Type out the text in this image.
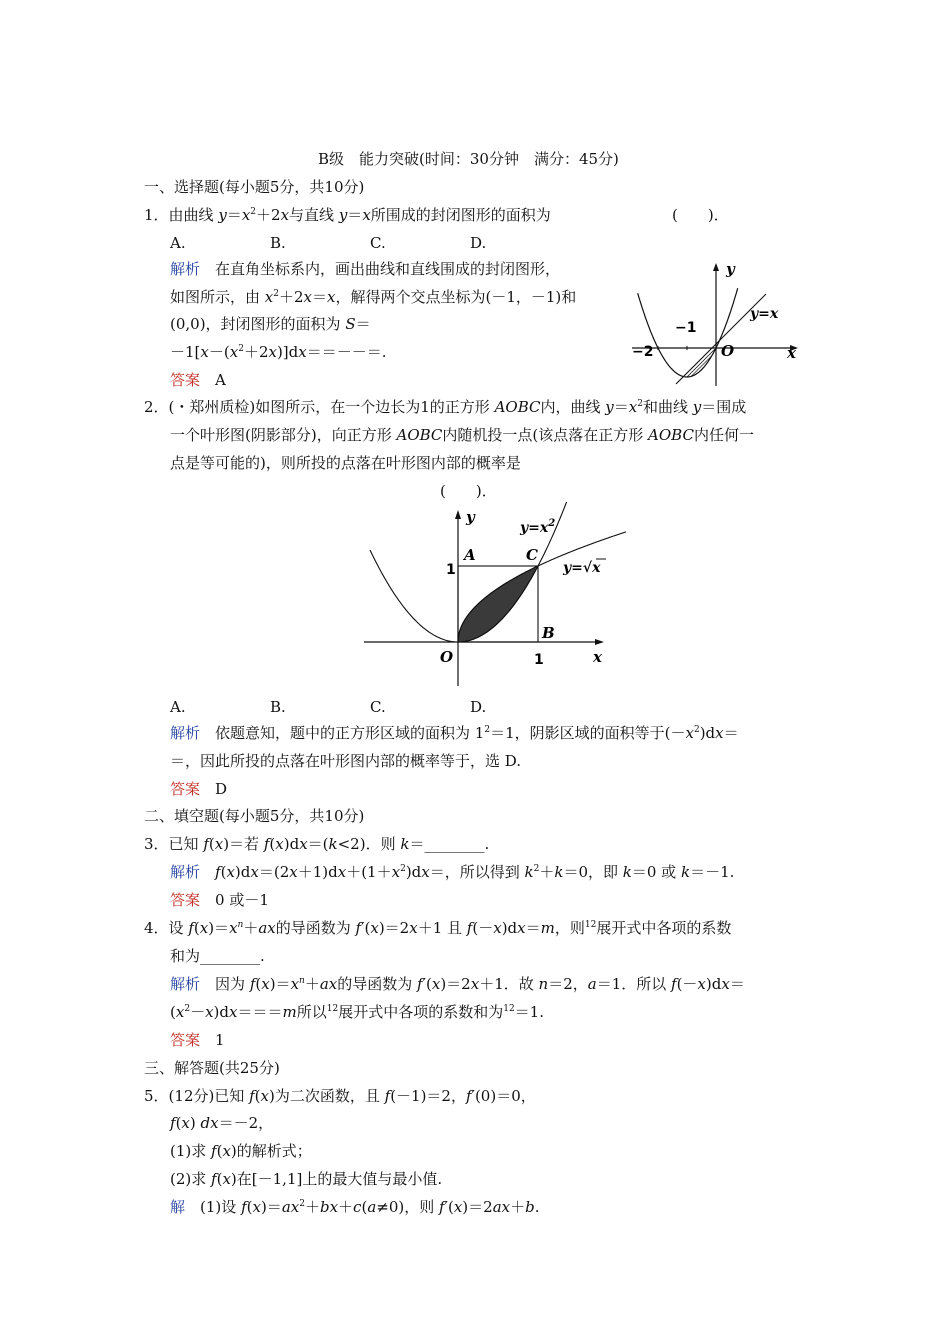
B级　能力突破(时间：30分钟　满分：45分)
一、选择题(每小题5分，共10分)
1．由曲线 $y=x^2+2x$与直线 y＝x所围成的封闭图形的面积为	(　　)．
A.	B.	C.	D.
解析　 在直角坐标系内，画出曲线和直线围成的封闭图形，
如图所示，由 $x^2+2x=x$，解得两个交点坐标为(－1，－1)和
(0,0)，封闭图形的面积为 S＝
$-1[x-(x^2+2x)]dx==--=$.
答案　 A
y
x
y=x
−1
−2	O
2．(・郑州质检)如图所示，在一个边长为1的正方形 AOBC内，曲线 $y=x^2$和曲线 y＝围成
一个叶形图(阴影部分)，向正方形 AOBC内随机投一点(该点落在正方形 AOBC内任何一
点是等可能的)，则所投的点落在叶形图内部的概率是
(　　)．
y
x
A	C
B
O
1
1
$y=x^2$
y=√x
A.	B.	C.	D.
解析　 依题意知，题中的正方形区域的面积为 $1^2=1$，阴影区域的面积等于$(-x^2)dx=$
＝，因此所投的点落在叶形图内部的概率等于，选 D.
答案　 D
二、填空题(每小题5分，共10分)
3．已知 f(x)＝若 f(x)dx＝(k<2)．则 k＝________.
解析　 $f(x)dx=(2x+1)dx+(1+x^2)dx=$，所以得到 $k^2+k=0$，即 k＝0 或 k＝－1.
答案　 0 或－1
4．设 $f(x)=x^n+ax$的导函数为 f′(x)＝2x＋1 且 f(－x)dx＝m，则$^{12}$展开式中各项的系数
和为________.
解析　 因为 $f(x)=x^n+ax$的导函数为 f′(x)＝2x＋1．故 n＝2，a＝1．所以 f(－x)dx＝
$(x^2-x)dx===m$所以$^{12}$展开式中各项的系数和为$^{12}$＝1.
答案　 1
三、解答题(共25分)
5．(12分)已知 f(x)为二次函数，且 f(－1)＝2，f′(0)＝0，
f(x) dx＝－2，
(1)求 f(x)的解析式；
(2)求 f(x)在[－1,1]上的最大值与最小值.
解　 (1)设 $f(x)=ax^2+bx+c(a\ne 0)$，则 f′(x)＝2ax＋b.
